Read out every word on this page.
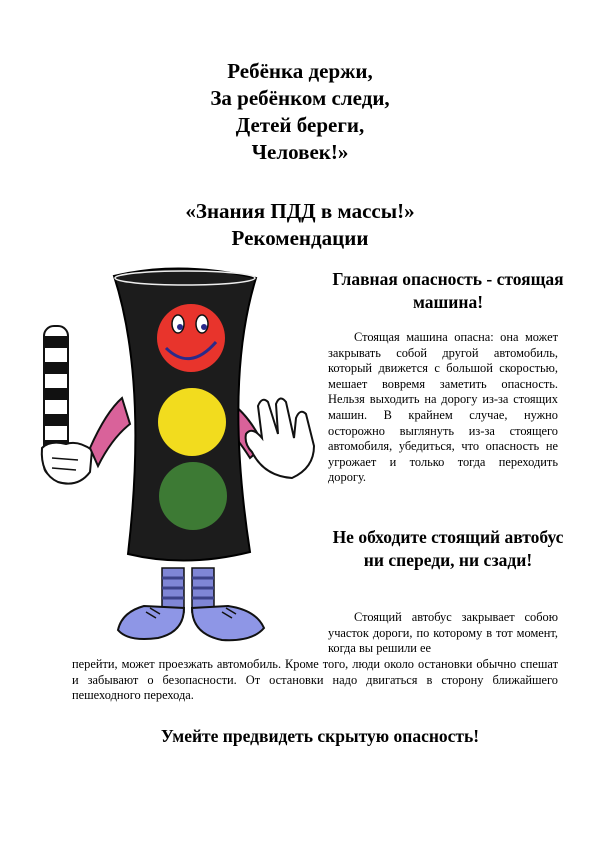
Ребёнка держи,
За ребёнком следи,
Детей береги,
Человек!»
«Знания ПДД в массы!»
Рекомендации
Главная опасность - стоящая машина!
Стоящая машина опасна: она может закрывать собой другой автомобиль, который движется с большой скоростью, мешает вовремя заметить опасность. Нельзя выходить на дорогу из-за стоящих машин. В крайнем случае, нужно осторожно выглянуть из-за стоящего автомобиля, убедиться, что опасность не угрожает и только тогда переходить дорогу.
Не обходите стоящий автобус ни спереди, ни сзади!
Стоящий автобус закрывает собою участок дороги, по которому в тот момент, когда вы решили ее
перейти, может проезжать автомобиль. Кроме того, люди около остановки обычно спешат и забывают о безопасности. От остановки надо двигаться в сторону ближайшего пешеходного перехода.
Умейте предвидеть скрытую опасность!
